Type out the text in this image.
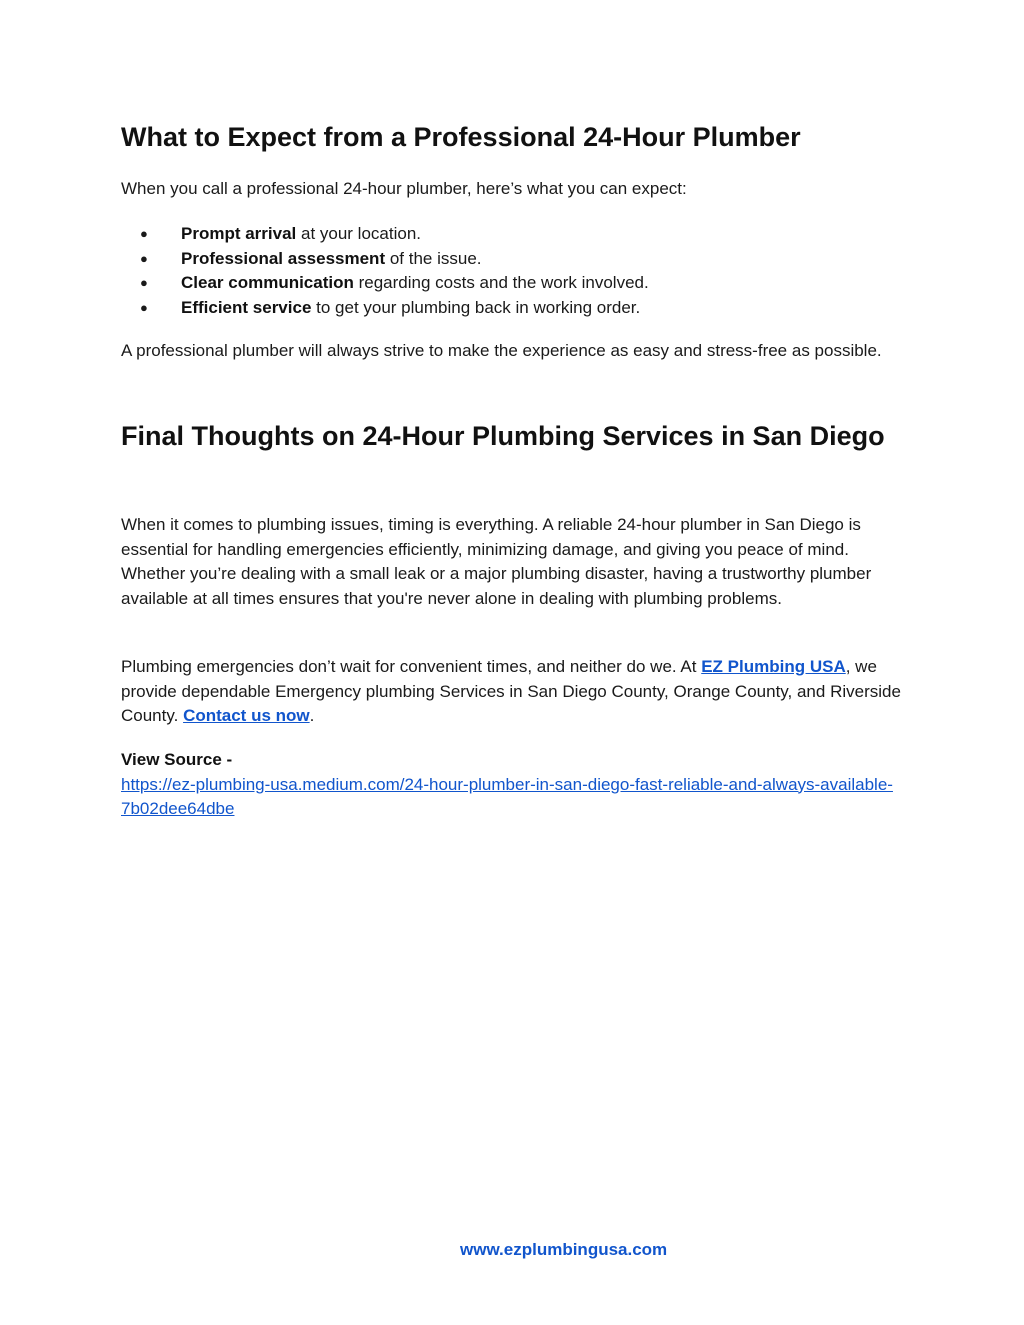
What to Expect from a Professional 24-Hour Plumber

When you call a professional 24-hour plumber, here’s what you can expect:

● Prompt arrival at your location.
● Professional assessment of the issue.
● Clear communication regarding costs and the work involved.
● Efficient service to get your plumbing back in working order.

A professional plumber will always strive to make the experience as easy and stress-free as possible.

Final Thoughts on 24-Hour Plumbing Services in San Diego

When it comes to plumbing issues, timing is everything. A reliable 24-hour plumber in San Diego is essential for handling emergencies efficiently, minimizing damage, and giving you peace of mind. Whether you’re dealing with a small leak or a major plumbing disaster, having a trustworthy plumber available at all times ensures that you're never alone in dealing with plumbing problems.

Plumbing emergencies don’t wait for convenient times, and neither do we. At EZ Plumbing USA, we provide dependable Emergency plumbing Services in San Diego County, Orange County, and Riverside County. Contact us now.

View Source -
https://ez-plumbing-usa.medium.com/24-hour-plumber-in-san-diego-fast-reliable-and-always-available-7b02dee64dbe

www.ezplumbingusa.com
